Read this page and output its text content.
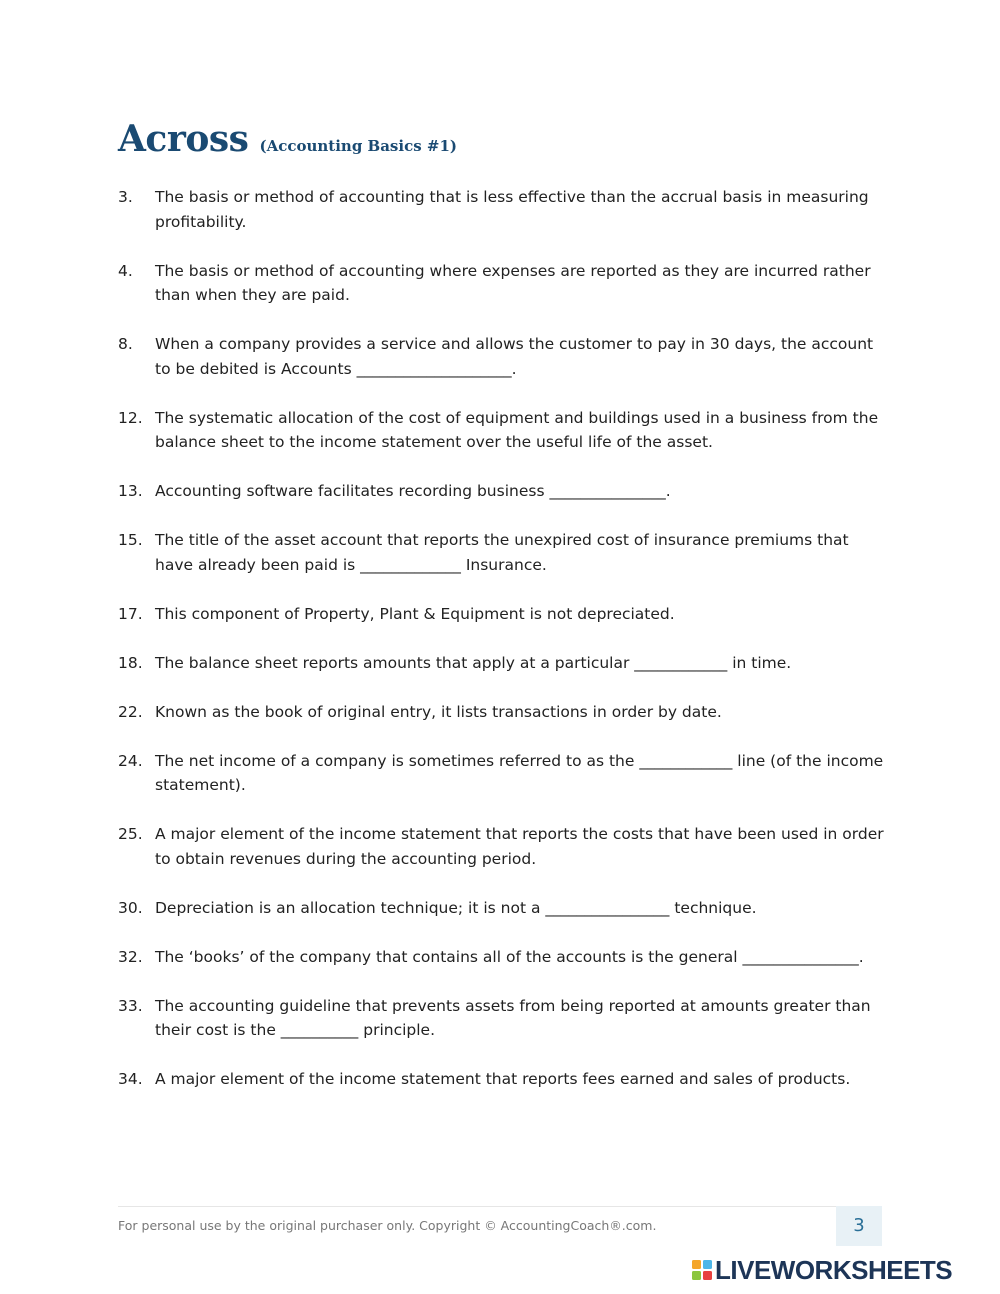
Across (Accounting Basics #1)
3. The basis or method of accounting that is less effective than the accrual basis in measuring profitability.
4. The basis or method of accounting where expenses are reported as they are incurred rather than when they are paid.
8. When a company provides a service and allows the customer to pay in 30 days, the account to be debited is Accounts ____________________.
12. The systematic allocation of the cost of equipment and buildings used in a business from the balance sheet to the income statement over the useful life of the asset.
13. Accounting software facilitates recording business _______________.
15. The title of the asset account that reports the unexpired cost of insurance premiums that have already been paid is _____________ Insurance.
17. This component of Property, Plant & Equipment is not depreciated.
18. The balance sheet reports amounts that apply at a particular ____________ in time.
22. Known as the book of original entry, it lists transactions in order by date.
24. The net income of a company is sometimes referred to as the ____________ line (of the income statement).
25. A major element of the income statement that reports the costs that have been used in order to obtain revenues during the accounting period.
30. Depreciation is an allocation technique; it is not a ________________ technique.
32. The ‘books’ of the company that contains all of the accounts is the general _______________.
33. The accounting guideline that prevents assets from being reported at amounts greater than their cost is the __________ principle.
34. A major element of the income statement that reports fees earned and sales of products.
For personal use by the original purchaser only. Copyright © AccountingCoach®.com.	3
LIVEWORKSHEETS
